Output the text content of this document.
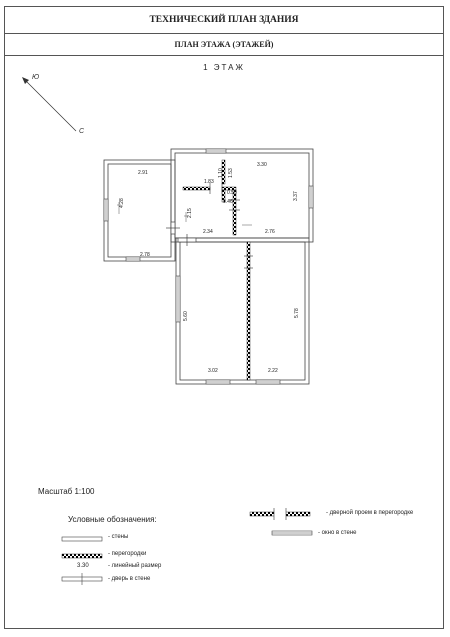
ТЕХНИЧЕСКИЙ ПЛАН ЗДАНИЯ
ПЛАН ЭТАЖА (ЭТАЖЕЙ)
1 ЭТАЖ
Ю
С
2.91
4.28
2.78
3.30
3.37
1.83
1.10 1.53
0.50
0.46
2.15
2.34	2.76
5.60	5.78
3.02	2.22
Масштаб 1:100
Условные обозначения:
- стены
- перегородки
3.30	- линейный размер
- дверь в стене
- дверной проем в перегородке
- окно в стене
